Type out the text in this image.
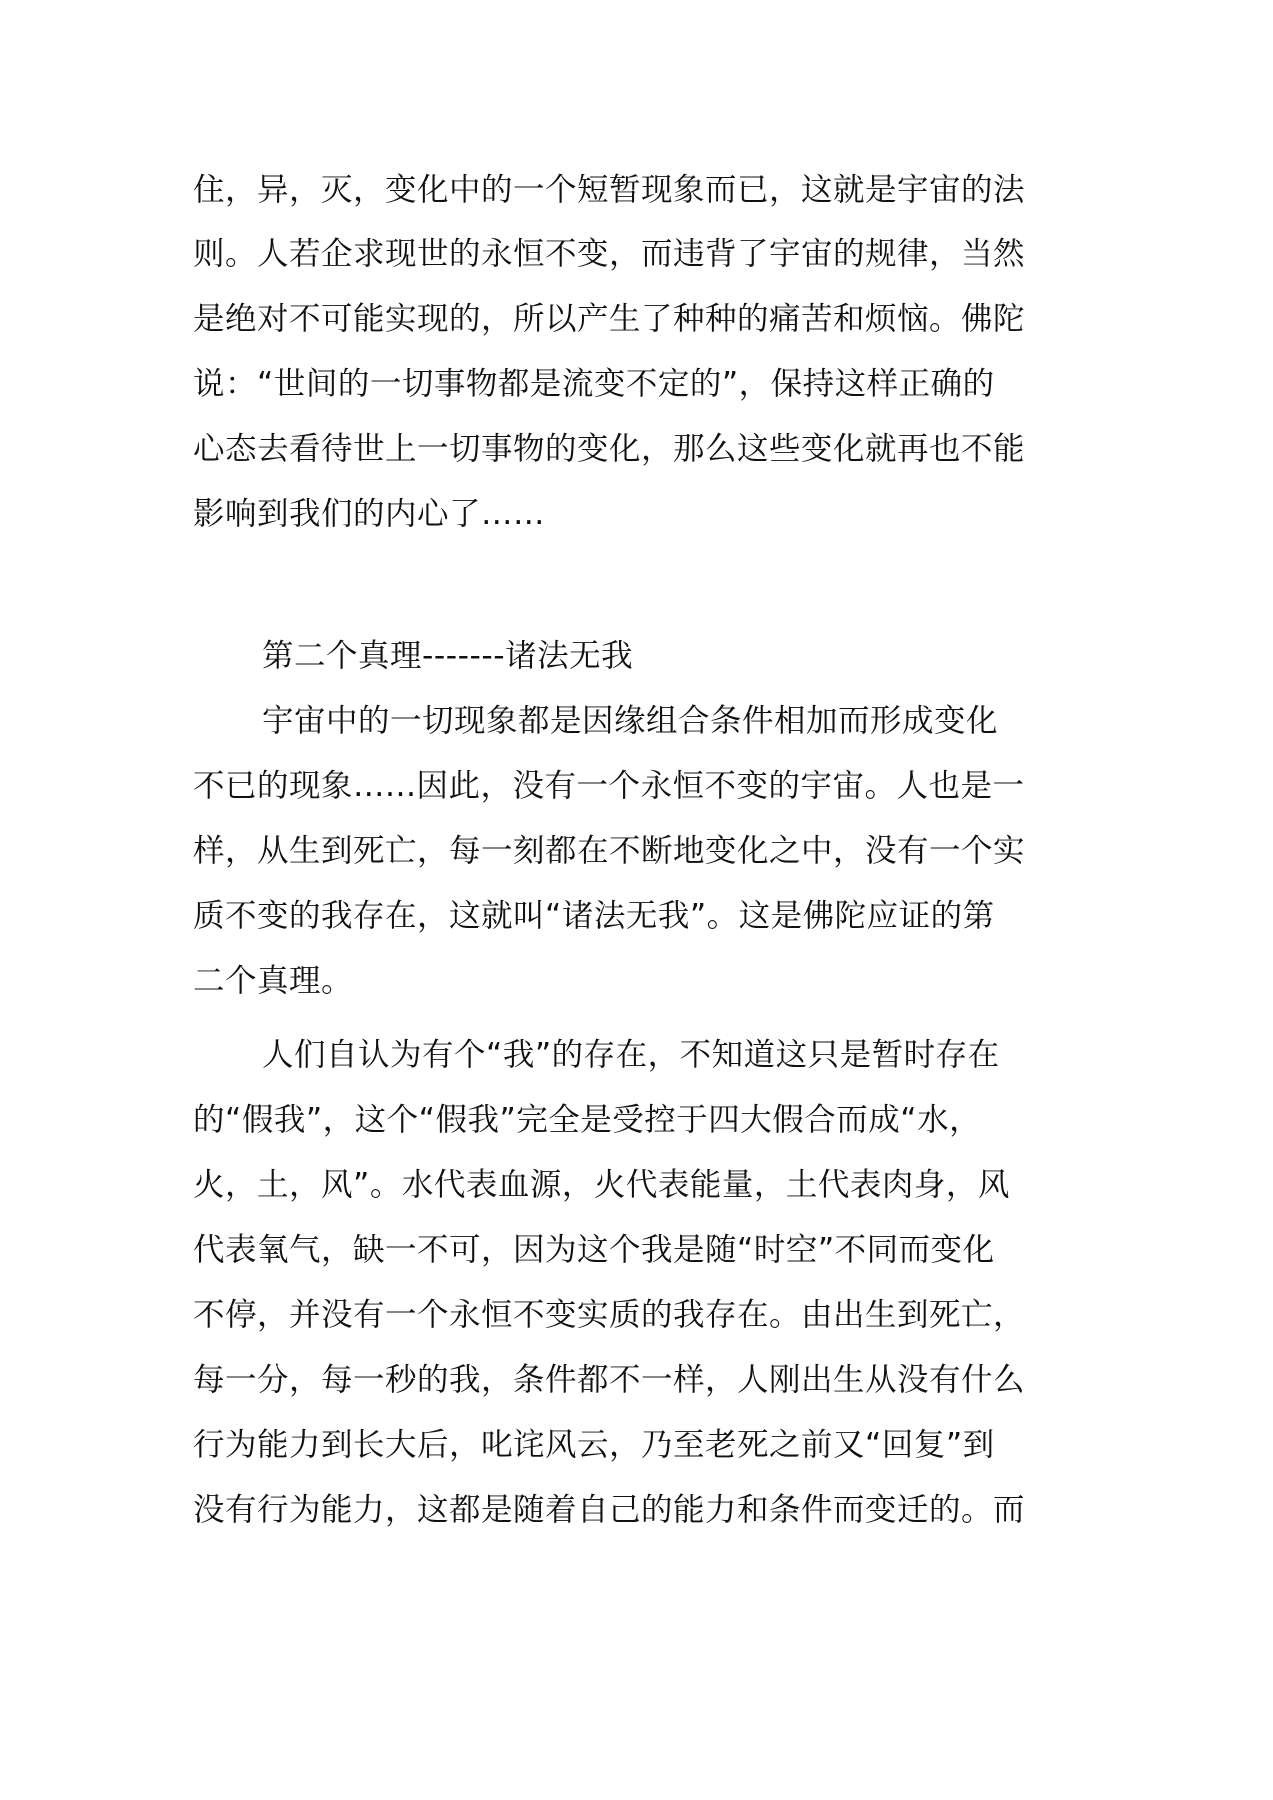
住，异，灭，变化中的一个短暂现象而已，这就是宇宙的法

则。人若企求现世的永恒不变，而违背了宇宙的规律，当然

是绝对不可能实现的，所以产生了种种的痛苦和烦恼。佛陀

说：“世间的一切事物都是流变不定的”，保持这样正确的

心态去看待世上一切事物的变化，那么这些变化就再也不能

影响到我们的内心了……

第二个真理-------诸法无我

宇宙中的一切现象都是因缘组合条件相加而形成变化

不已的现象…...因此，没有一个永恒不变的宇宙。人也是一

样，从生到死亡，每一刻都在不断地变化之中，没有一个实

质不变的我存在，这就叫“诸法无我”。这是佛陀应证的第

二个真理。

人们自认为有个“我”的存在，不知道这只是暂时存在

的“假我”，这个“假我”完全是受控于四大假合而成“水，

火，土，风”。水代表血源，火代表能量，土代表肉身，风

代表氧气，缺一不可，因为这个我是随“时空”不同而变化

不停，并没有一个永恒不变实质的我存在。由出生到死亡，

每一分，每一秒的我，条件都不一样，人刚出生从没有什么

行为能力到长大后，叱诧风云，乃至老死之前又“回复”到

没有行为能力，这都是随着自己的能力和条件而变迁的。而
